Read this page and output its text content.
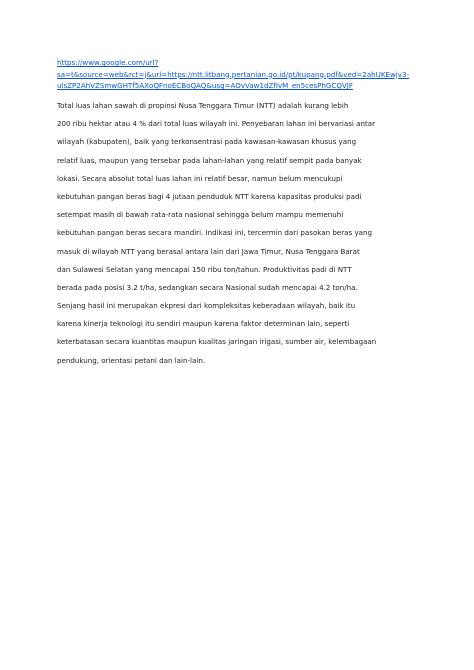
https://www.google.com/url?
sa=t&source=web&rct=j&url=https://ntt.litbang.pertanian.go.id/pt/kupang.pdf&ved=2ahUKEwjv3-
ulsZP2AhVZSmwGHTf5AXoQFnoECBoQAQ&usg=AOvVaw1dZfIvM_en5cesPhGCQVJF
Total luas lahan sawah di propinsi Nusa Tenggara Timur (NTT) adalah kurang lebih
200 ribu hektar atau 4 % dari total luas wilayah ini. Penyebaran lahan ini bervariasi antar
wilayah (kabupaten), baik yang terkonsentrasi pada kawasan-kawasan khusus yang
relatif luas, maupun yang tersebar pada lahan-lahan yang relatif sempit pada banyak
lokasi. Secara absolut total luas lahan ini relatif besar, namun belum mencukupi
kebutuhan pangan beras bagi 4 jutaan penduduk NTT karena kapasitas produksi padi
setempat masih di bawah rata-rata nasional sehingga belum mampu memenuhi
kebutuhan pangan beras secara mandiri. Indikasi ini, tercermin dari pasokan beras yang
masuk di wilayah NTT yang berasal antara lain dari Jawa Timur, Nusa Tenggara Barat
dan Sulawesi Selatan yang mencapai 150 ribu ton/tahun. Produktivitas padi di NTT
berada pada posisi 3.2 t/ha, sedangkan secara Nasional sudah mencapai 4.2 ton/ha.
Senjang hasil ini merupakan ekpresi dari kompleksitas keberadaan wilayah, baik itu
karena kinerja teknologi itu sendiri maupun karena faktor determinan lain, seperti
keterbatasan secara kuantitas maupun kualitas jaringan irigasi, sumber air, kelembagaan
pendukung, orientasi petani dan lain-lain.
